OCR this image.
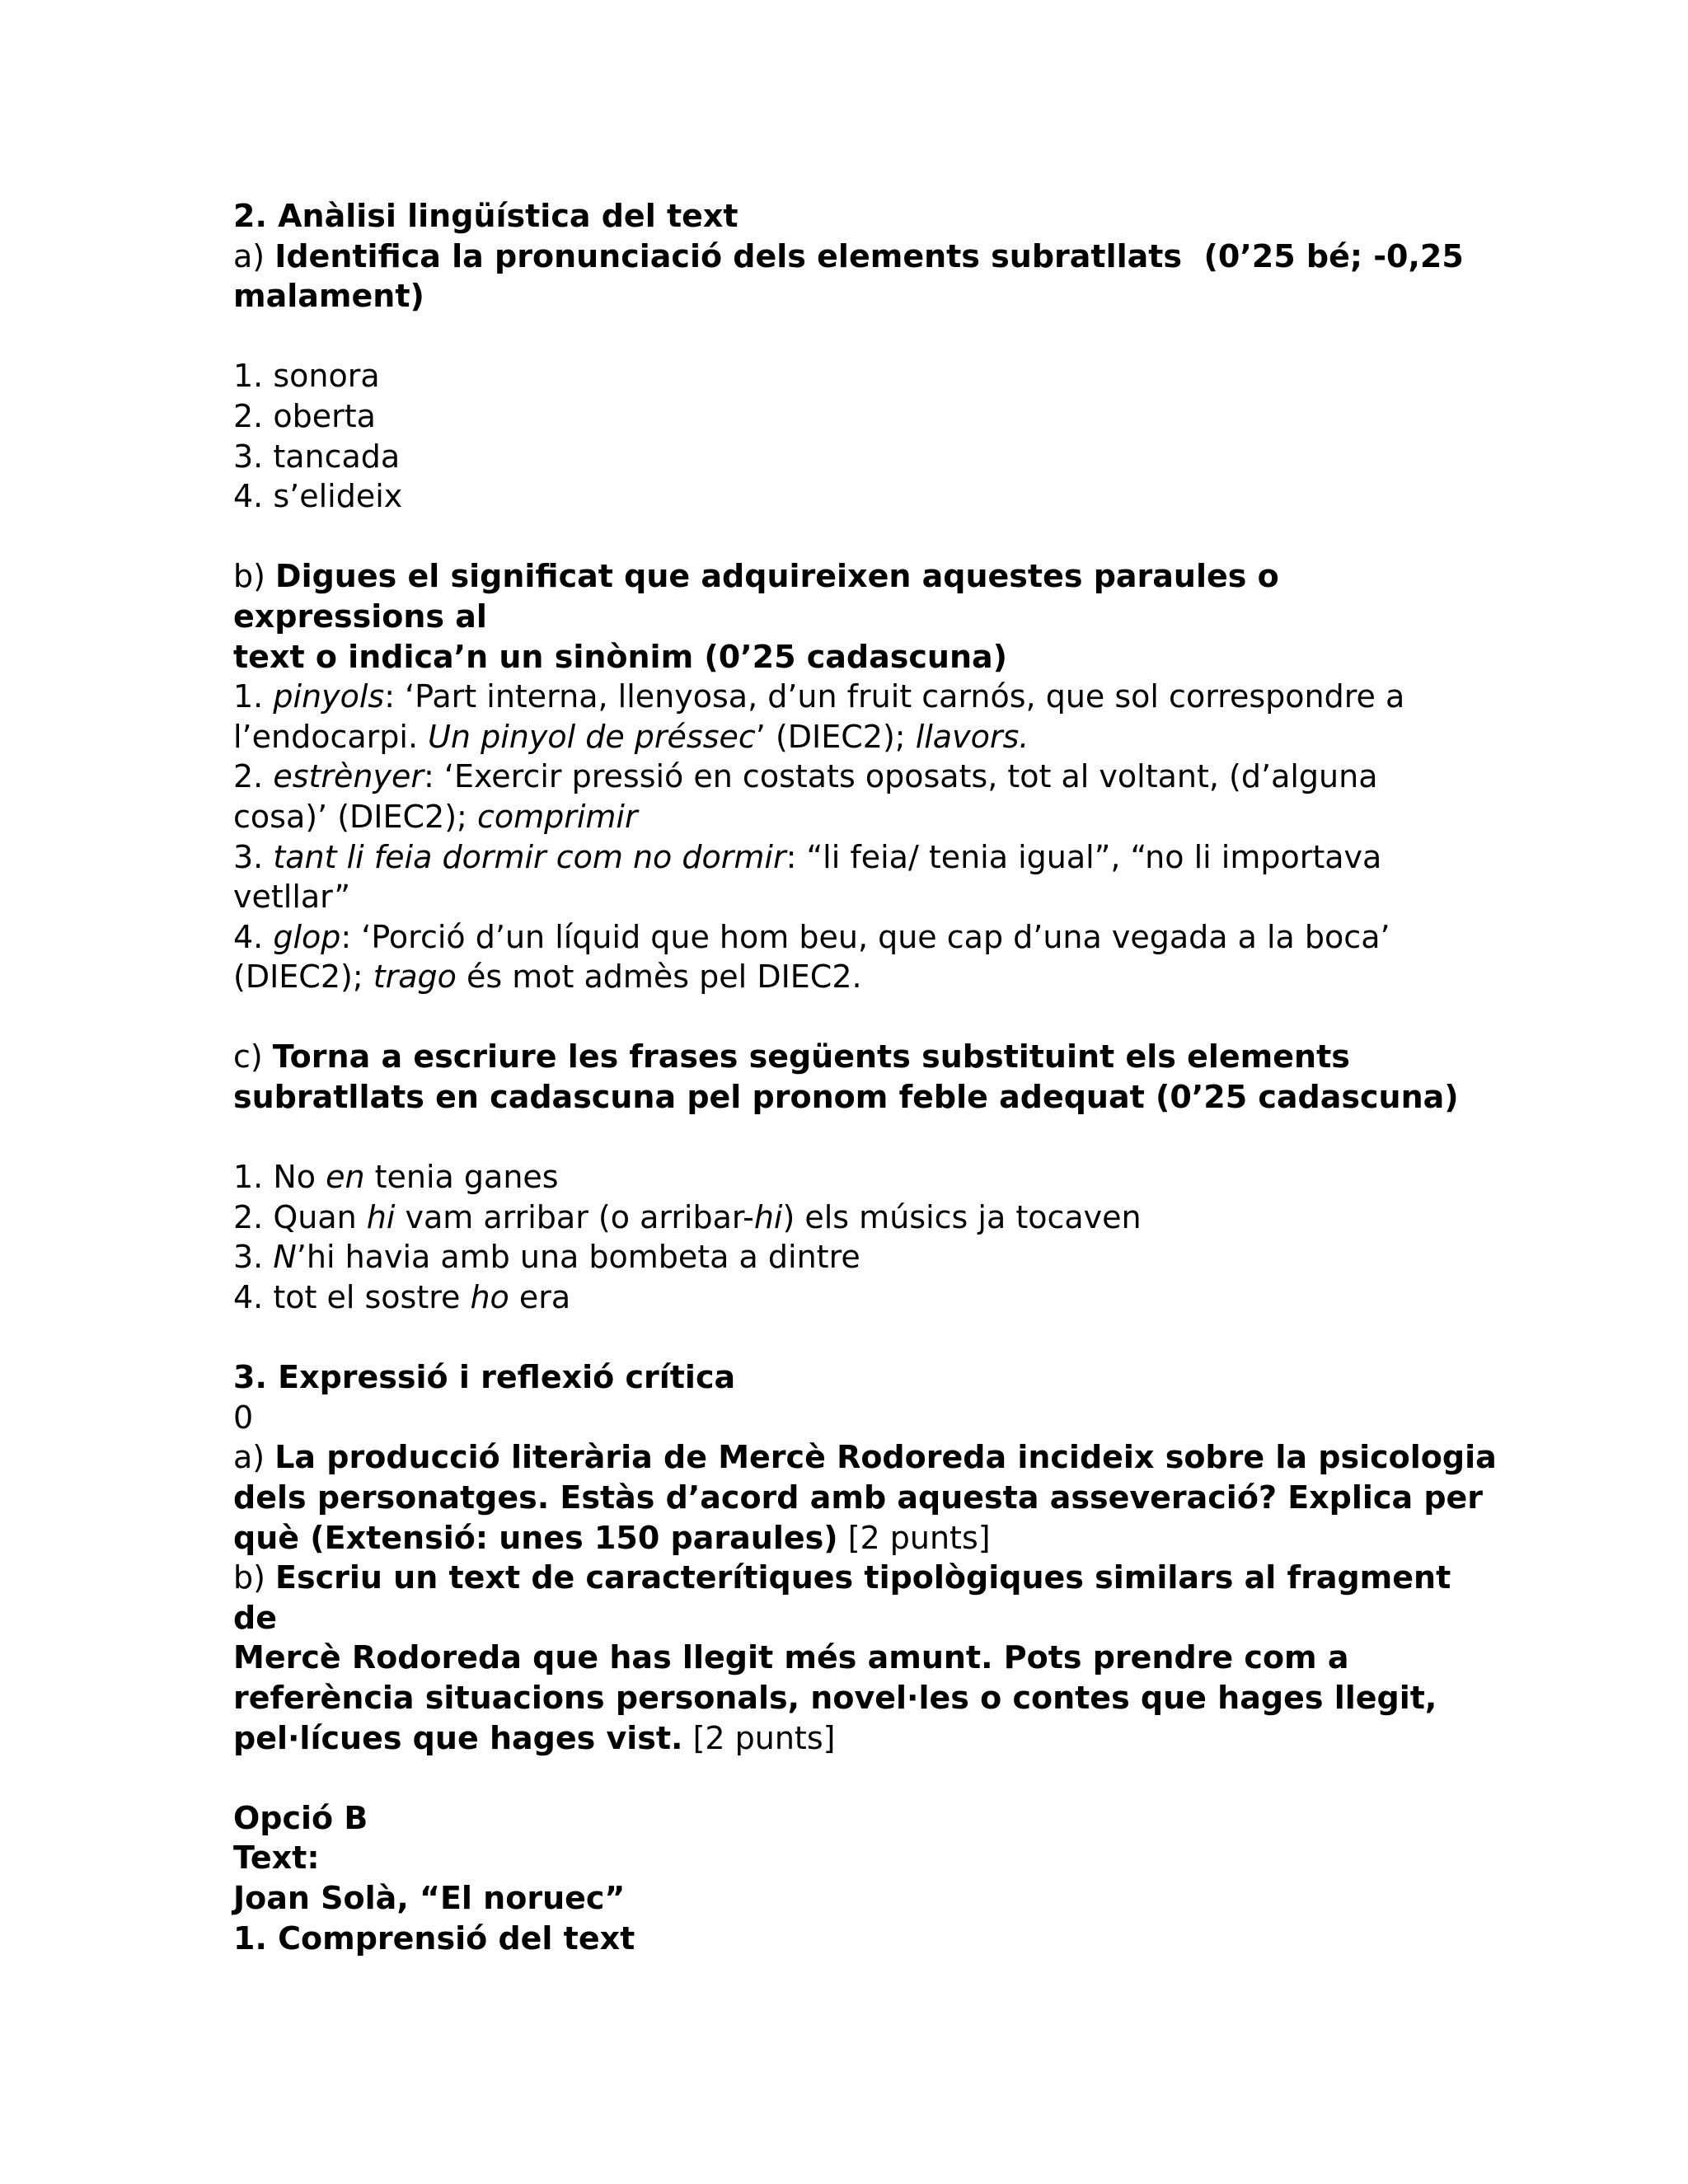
2. Anàlisi lingüística del text

a) Identifica la pronunciació dels elements subratllats  (0’25 bé; -0,25

malament)

1. sonora

2. oberta

3. tancada

4. s’elideix

b) Digues el significat que adquireixen aquestes paraules o

expressions al

text o indica’n un sinònim (0’25 cadascuna)

1. pinyols: ‘Part interna, llenyosa, d’un fruit carnós, que sol correspondre a

l’endocarpi. Un pinyol de préssec’ (DIEC2); llavors.

2. estrènyer: ‘Exercir pressió en costats oposats, tot al voltant, (d’alguna

cosa)’ (DIEC2); comprimir

3. tant li feia dormir com no dormir: “li feia/ tenia igual”, “no li importava

vetllar”

4. glop: ‘Porció d’un líquid que hom beu, que cap d’una vegada a la boca’

(DIEC2); trago és mot admès pel DIEC2.

c) Torna a escriure les frases següents substituint els elements

subratllats en cadascuna pel pronom feble adequat (0’25 cadascuna)

1. No en tenia ganes

2. Quan hi vam arribar (o arribar-hi) els músics ja tocaven

3. N’hi havia amb una bombeta a dintre

4. tot el sostre ho era

3. Expressió i reflexió crítica

0

a) La producció literària de Mercè Rodoreda incideix sobre la psicologia

dels personatges. Estàs d’acord amb aquesta asseveració? Explica per

què (Extensió: unes 150 paraules) [2 punts]

b) Escriu un text de caracterítiques tipològiques similars al fragment

de

Mercè Rodoreda que has llegit més amunt. Pots prendre com a

referència situacions personals, novel·les o contes que hages llegit,

pel·lícues que hages vist. [2 punts]

Opció B

Text:

Joan Solà, “El noruec”

1. Comprensió del text
